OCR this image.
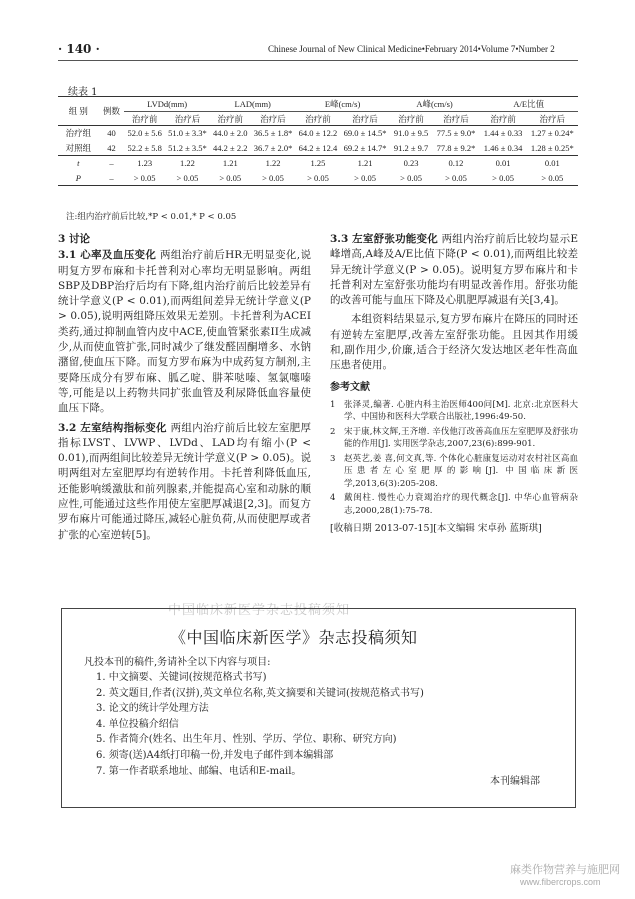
· 140 ·	Chinese Journal of New Clinical Medicine•February 2014•Volume 7•Number 2
续表 1
组 别	例数	LVDd(mm)		LAD(mm)		E峰(cm/s)		A峰(cm/s)		A/E比值	
		治疗前	治疗后	治疗前	治疗后	治疗前	治疗后	治疗前	治疗后	治疗前	治疗后
治疗组	40	52.0 ± 5.6	51.0 ± 3.3*	44.0 ± 2.0	36.5 ± 1.8*	64.0 ± 12.2	69.0 ± 14.5*	91.0 ± 9.5	77.5 ± 9.0*	1.44 ± 0.33	1.27 ± 0.24*
对照组	42	52.2 ± 5.8	51.2 ± 3.5*	44.2 ± 2.2	36.7 ± 2.0*	64.2 ± 12.4	69.2 ± 14.7*	91.2 ± 9.7	77.8 ± 9.2*	1.46 ± 0.34	1.28 ± 0.25*
t	–	1.23	1.22	1.21	1.22	1.25	1.21	0.23	0.12	0.01	0.01
P	–	> 0.05	> 0.05	> 0.05	> 0.05	> 0.05	> 0.05	> 0.05	> 0.05	> 0.05	> 0.05
注:组内治疗前后比较,*P < 0.01,* P < 0.05
3 讨论
3.1 心率及血压变化 两组治疗前后HR无明显变化,说明复方罗布麻和卡托普利对心率均无明显影响。两组SBP及DBP治疗后均有下降,组内治疗前后比较差异有统计学意义(P < 0.01),而两组间差异无统计学意义(P > 0.05),说明两组降压效果无差别。卡托普利为ACEI类药,通过抑制血管内皮中ACE,使血管紧张素II生成减少,从而使血管扩张,同时减少了继发醛固酮增多、水钠潴留,使血压下降。而复方罗布麻为中成药复方制剂,主要降压成分有罗布麻、胍乙啶、肼苯哒嗪、氢氯噻嗪等,可能是以上药物共同扩张血管及利尿降低血容量使血压下降。
3.2 左室结构指标变化 两组内治疗前后比较左室肥厚指标LVST、LVWP、LVDd、LAD均有缩小(P < 0.01),而两组间比较差异无统计学意义(P > 0.05)。说明两组对左室肥厚均有逆转作用。卡托普利降低血压,还能影响缓激肽和前列腺素,并能提高心室和动脉的顺应性,可能通过这些作用使左室肥厚减退[2,3]。而复方罗布麻片可能通过降压,减轻心脏负荷,从而使肥厚或者扩张的心室逆转[5]。
3.3 左室舒张功能变化 两组内治疗前后比较均显示E峰增高,A峰及A/E比值下降(P < 0.01),而两组比较差异无统计学意义(P > 0.05)。说明复方罗布麻片和卡托普利对左室舒张功能均有明显改善作用。舒张功能的改善可能与血压下降及心肌肥厚减退有关[3,4]。
本组资料结果显示,复方罗布麻片在降压的同时还有逆转左室肥厚,改善左室舒张功能。且因其作用缓和,副作用少,价廉,适合于经济欠发达地区老年性高血压患者使用。
参考文献
1	张泽灵,编著. 心脏内科主治医师400问[M]. 北京:北京医科大学、中国协和医科大学联合出版社,1996:49-50.
2	宋于康,林文辉,王齐增. 辛伐他汀改善高血压左室肥厚及舒张功能的作用[J]. 实用医学杂志,2007,23(6):899-901.
3	赵英艺,姜 喜,何文真,等. 个体化心脏康复运动对农村社区高血压患者左心室肥厚的影响[J]. 中国临床新医学,2013,6(3):205-208.
4	戴闺柱. 慢性心力衰竭治疗的现代概念[J]. 中华心血管病杂志,2000,28(1):75-78.
[收稿日期 2013-07-15][本文编辑 宋卓孙 蓝斯琪]
中国临床新医学杂志投稿须知
《中国临床新医学》杂志投稿须知
凡投本刊的稿件,务请补全以下内容与项目:
1. 中文摘要、关键词(按规范格式书写)
2. 英文题目,作者(汉拼),英文单位名称,英文摘要和关键词(按规范格式书写)
3. 论文的统计学处理方法
4. 单位投稿介绍信
5. 作者简介(姓名、出生年月、性别、学历、学位、职称、研究方向)
6. 须寄(送)A4纸打印稿一份,并发电子邮件到本编辑部
7. 第一作者联系地址、邮编、电话和E-mail。
本刊编辑部
麻类作物营养与施肥网
www.fibercrops.com
